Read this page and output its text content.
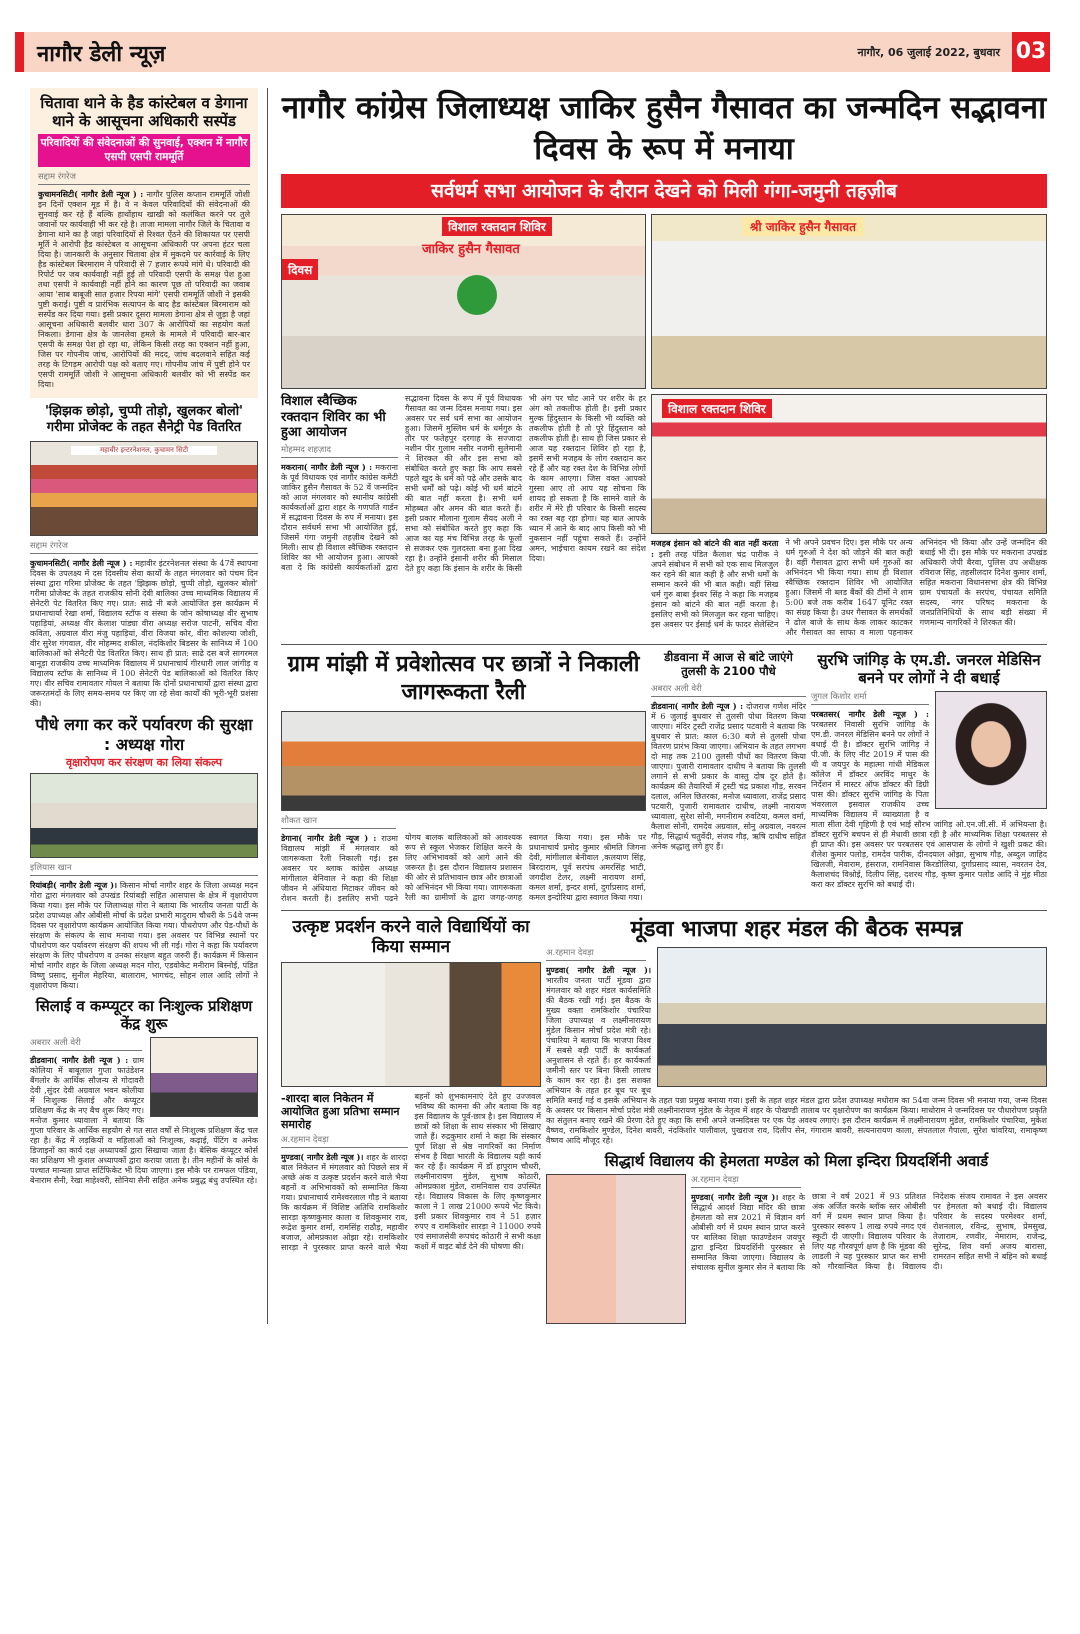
नागौर डेली न्यूज़	नागौर, 06 जुलाई 2022, बुधवार 03
चितावा थाने के हैड कांस्टेबल व डेगाना थाने के आसूचना अधिकारी सस्पेंड
परिवादियों की संवेदनाओं की सुनवाई, एक्शन में नागौर एसपी एसपी राममूर्ति
सद्दाम रंगरेज
कुचामनसिटी( नागौर डेली न्यूज ) : नागौर पुलिस कप्तान राममूर्ति जोशी इन दिनों एक्शन मूड में है। वे न केवल परिवादियों की संवेदनाओं की सुनवाई कर रहे हैं बल्कि हाथोंहाथ खाखी को कलंकित करने पर तुले जवानों पर कार्यवाही भी कर रहे है। ताजा मामला नागौर जिले के चितावा व डेगाना थाने का है जहां परिवादियों से रिश्वत ऐंठने की शिकायत पर एसपी मूर्ति ने आरोपी हैड कांस्टेबल व आसूचना अधिकारी पर अपना हंटर चला दिया है। जानकारी के अनुसार चितावा क्षेत्र में मुकदमे पर कार्रवाई के लिए हैड कांस्टेबल बिरमाराम ने परिवादी से 7 हजार रूपये मांगे थे। परिवादी की रिपोर्ट पर जब कार्यवाही नहीं हुई तो परिवादी एसपी के समक्ष पेश हुआ तथा एसपी ने कार्यवाही नहीं होने का कारण पूछ तो परिवादी का जवाब आया 'साब बाबूजी सात हजार रिपया मांगे' एसपी राममूर्ति जोशी ने इसकी पुष्टी कराई। पुष्टी व प्रारंभिक सत्यापन के बाद हैड कांस्टेबल बिरमाराम को सस्पेंड कर दिया गया। इसी प्रकार दूसरा मामला डेगाना क्षेत्र से जुड़ा है जहां आसूचना अधिकारी बलवीर धारा 307 के आरोपियों का सहयोग कर्ता निकला। डेगाना क्षेत्र के जानलेवा हमले के मामले में परिवादी बार-बार एसपी के समक्ष पेश हो रहा था, लेकिन किसी तरह का एक्शन नहीं हुआ, जिस पर गोपनीय जांच, आरोपियों की मदद, जांच बदलवाने सहित कई तरह के टिगड़म आरोपी पक्ष को बताए गए। गोपनीय जांच में पुष्टी होने पर एसपी राममूर्ति जोशी ने आसूचना अधिकारी बलवीर को भी सस्पेंड कर दिया।
'झिझक छोड़ो, चुप्पी तोड़ो, खुलकर बोलो' गरीमा प्रोजेक्ट के तहत सैनेट्री पेड वितरित
महावीर इन्टरनेशनल, कुचामन सिटी
सद्दाम रंगरेज
कुचामनसिटी( नागौर डेली न्यूज ) : महावीर इंटरनेशनल संस्था के 47वें स्थापना दिवस के उपलक्ष्य में दस दिवसीय सेवा कार्यों के तहत मंगलवार को पंचम दिन संस्था द्वारा गरिमा प्रोजेक्ट के तहत 'झिझक छोड़ो, चुप्पी तोड़ो, खुलकर बोलो' गरीमा प्रोजेक्ट के तहत राजकीय सोनी देवी बालिका उच्च माध्यमिक विद्यालय में सेनेटरी पेट वितरित किए गए। प्रात: साढे नी बजे आयोजित इस कार्यक्रम में प्रधानाचार्या रेखा शर्मा, विद्यालय स्टॉफ व संस्था के जोन कोषाध्यक्ष वीर सुभाष पहाड़ियां, अध्यक्ष वीर केलाश पांड्या वीरा अध्यक्ष सरोज पाटनी, सचिव वीरा कविता, अग्रवाल वीरा मंजु पहाड़ियां, वीरा विजया कोर, वीरा कोशल्या जोशी, वीर सुरेश गंगवाल, वीर मोहम्मद शकील, नंदकिशोर बिडसर के सानिध्य में 100 बालिकाओं को सेनैटरी पेड वितरित किए। साथ ही प्रात: साढे दस बजे सागरमल बानूड़ा राजकीय उच्च माध्यमिक विद्यालय में प्रधानाचार्य गीरधारी लाल जांगीड़ व विद्यालय स्टॉफ के सानिध्य में 100 सेनेटरी पेड बालिकाओं को वितरित किए गए। वीर सचिव रामावतार गोयल ने बताया कि दोनों प्रधानाचार्यो द्वारा संस्था द्वारा जरूरतमंदों के लिए समय-समय पर किए जा रहे सेवा कार्यों की भूरी-भूरी प्रशंसा की।
पौधे लगा कर करें पर्यावरण की सुरक्षा : अध्यक्ष गोरा
वृक्षारोपण कर संरक्षण का लिया संकल्प
इलियास खान
रियांबड़ी( नागौर डेली न्यूज )। किसान मोर्चा नागौर शहर के जिला अध्यक्ष मदन गोरा द्वारा मंगलवार को उपखंड रियांबड़ी सहित आसपास के क्षेत्र में वृक्षारोपण किया गया। इस मौके पर जिलाध्यक्ष गोरा ने बताया कि भारतीय जनता पार्टी के प्रदेश उपाध्यक्ष और ओबीसी मोर्चा के प्रदेश प्रभारी मादुराम चौधरी के 54वे जन्म दिवस पर वृक्षारोपण कार्यक्रम आयोजित किया गया। पौधरोपण और पेड-पौधों के संरक्षण के संकल्प के साथ मनाया गया। इस अवसर पर विभिन्न स्थानों पर पौधरोपण कर पर्यावरण संरक्षण की शपथ भी ली गई। गोरा ने कहा कि पर्यावरण संरक्षण के लिए पौधरोपण व उनका संरक्षण बहुत जरुरी हैं। कार्यक्रम में किसान मोर्चा नागौर शहर के जिला अध्यक्ष मदन गोरा, एडवोकेट मनीराम बिस्नोई, पंडित विष्णु प्रसाद, सुनील मेहरिया, बालाराम, भागचंद, सोहन लाल आदि लोगों ने वृक्षारोपण किया।
सिलाई व कम्प्यूटर का निःशुल्क प्रशिक्षण केंद्र शुरू
अबरार अली वेरी
डीडवाना( नागौर डेली न्यूज ) : ग्राम कोलिया में बाबूलाल गुप्ता फाउंडेशन बैंगलोर के आर्थिक सौजन्य से गोदावरी देवी ,सुंदर देवी अग्रवाल भवन कोलीया में निःशुल्क सिलाई और कंप्यूटर प्रशिक्षण केंद्र के नए बैच शुरू किए गए। मनोज कुमार ध्यावाला ने बताया कि गुप्ता परिवार के आर्थिक सहयोग से गत सात वर्षों से निःशुल्क प्रशिक्षण केंद्र चल रहा है। केंद्र में लड़कियों व महिलाओं को निःशुल्क, कढ़ाई, पेंटिंग व अनेक डिजाइनों का कार्य दक्ष अध्यापकों द्वारा सिखाया जाता है। बेसिक कंप्यूटर कोर्स का प्रशिक्षण भी कुशल अध्यापकों द्वारा कराया जाता है। तीन महीनों के कोर्स के पश्चात मान्यता प्राप्त सर्टिफिकेट भी दिया जाएगा। इस मौके पर रामफल पंडिया, बेनाराम सैनी, रेखा माहेश्वरी, सोनिया सैनी सहित अनेक प्रबुद्ध बंधु उपस्थित रहे।
नागौर कांग्रेस जिलाध्यक्ष जाकिर हुसैन गैसावत का जन्मदिन सद्भावना दिवस के रूप में मनाया
सर्वधर्म सभा आयोजन के दौरान देखने को मिली गंगा-जमुनी तहज़ीब
विशाल रक्तदान शिविर
जाकिर हुसैन गैसावत
दिवस
श्री जाकिर हुसैन गैसावत
विशाल स्वैच्छिक रक्तदान शिविर का भी हुआ आयोजन
मोहम्मद शहज़ाद
मकराना( नागौर डेली न्यूज ) : मकराना के पूर्व विधायक एवं नागौर कांग्रेस कमेटी जाकिर हुसैन गैसावत के 52 वें जन्मदिन को आज मंगलवार को स्थानीय कांग्रेसी कार्यकर्ताओं द्वारा शहर के गणपति गार्डन में सद्भावना दिवस के रुप में मनाया। इस दौरान सर्वधर्म सभा भी आयोजित हुई, जिसमें गंगा जमुनी तहज़ीब देखने को मिली। साथ ही विशाल स्वैच्छिक रक्तदान शिविर का भी आयोजन हुआ। आपको बता दे कि कांग्रेसी कार्यकर्ताओं द्वारा सद्भावना दिवस के रूप में पूर्व विधायक गैसावत का जन्म दिवस मनाया गया। इस अवसर पर सर्व धर्म सभा का आयोजन हुआ। जिसमें मुस्लिम धर्म के धर्मगुरु के तौर पर फतेहपुर दरगाह के सज्जादा नशीन पीर गुलाम नसीर नजमी सुलेमानी ने शिरकत की और इस सभा को संबोधित करते हुए कहा कि आप सबसे पहले खुद के धर्म को पढ़े और उसके बाद सभी धर्मों को पढ़े। कोई भी धर्म बांटने की बात नहीं करता है। सभी धर्म मोहब्बत और अमन की बात करते हैं। इसी प्रकार मौलाना गुलाम सैयद अली ने सभा को संबोधित करते हुए कहा कि आज का यह मंच विभिन्न तरह के फूलों से सजकर एक गुलदस्ता बना हुआ दिख रहा है। उन्होंने इंसानी शरीर की मिसाल देते हुए कहा कि इंसान के शरीर के किसी भी अंग पर चोट आने पर शरीर के हर अंग को तकलीफ होती है। इसी प्रकार मुल्क हिंदुस्तान के किसी भी व्यक्ति को तकलीफ होती है तो पूरे हिंदुस्तान को तकलीफ होती है। साथ ही जिस प्रकार से आज यह रक्तदान शिविर हो रहा है, इसमें सभी मजहब के लोग रक्तदान कर रहे हैं और यह रक्त देश के विभिन्न लोगों के काम आएगा। जिस वक्त आपको गुस्सा आए तो आप यह सोचना कि शायद हो सकता है कि सामने वाले के शरीर में मेरे ही परिवार के किसी सदस्य का रक्त बह रहा होगा। यह बात आपके ध्यान में आने के बाद आप किसी को भी नुकसान नहीं पहुंचा सकते हैं। उन्होंने अमन, भाईचारा कायम रखने का संदेश दिया।
विशाल रक्तदान शिविर
मजहब इंसान को बांटने की बात नहीं करता : इसी तरह पंडित कैलाश चंद्र पारीक ने अपने संबोधन में सभी को एक साथ मिलजुल कर रहने की बात कही है और सभी धर्मों के सम्मान करने की भी बात कही। वहीं सिख धर्म गुरु बाबा ईश्वर सिंह ने कहा कि मजहब इंसान को बांटने की बात नहीं करता है। इसलिए सभी को मिलजुल कर रहना चाहिए। इस अवसर पर ईसाई धर्म के फादर सेलेस्टिन ने भी अपने प्रवचन दिए। इस मौके पर अन्य धर्म गुरुओं ने देश को जोड़ने की बात कही है। वहीं गैसावत द्वारा सभी धर्म गुरुओं का अभिनंदन भी किया गया। साथ ही विशाल स्वैच्छिक रक्तदान शिविर भी आयोजित हुआ। जिसमें नी ब्लड बैंकों की टीमों ने शाम 5:00 बजे तक करीब 1647 यूनिट रक्त का संग्रह किया है। उधर गैसावत के समर्थकों ने ढोल बाजे के साथ केक लाकर काटकर और गैसावत का साफा व माला पहनाकर अभिनंदन भी किया और उन्हें जन्मदिन की बधाई भी दी। इस मौके पर मकराना उपखंड अधिकारी जेपी बैरवा, पुलिस उप अधीक्षक रविराज सिंह, तहसीलदार दिनेश कुमार शर्मा, सहित मकराना विधानसभा क्षेत्र की विभिन्न ग्राम पंचायतों के सरपंच, पंचायत समिति सदस्य, नगर परिषद मकराना के जनप्रतिनिधियों के साथ बड़ी संख्या में गणमान्य नागरिकों ने शिरकत की।
ग्राम मांझी में प्रवेशोत्सव पर छात्रों ने निकाली जागरूकता रैली
शौकत खान
डेगाना( नागौर डेली न्यूज ) : राउमा विद्यालय मांझी में मंगलवार को जागरूकता रैली निकाली गई। इस अवसर पर ब्लाक कांग्रेस अध्यक्ष मांगीलाल बेनिवाल ने कहा की शिक्षा जीवन मे अंधियारा मिटाकर जीवन को रोशन करती है। इसलिए सभी पढने योगय बालक बालिकाओं को आवश्यक रूप से स्कूल भेजकर शिक्षित करने के लिए अभिभावकों को आगे आने की जरूरत है। इस दौरान विद्यालय प्रशासन की ओर से प्रतिभावान छात्र और छात्राओं को अभिनंदन भी किया गया। जागरूकता रैली का ग्रामीणों के द्वारा जगह-जगह स्वागत किया गया। इस मौके पर प्रधानाचार्य प्रमोद कुमार श्रीमति जिगना देवी, मांगीलाल बेनीवाल ,कलयाण सिंह, बिरदाराम, पूर्व सरपंच अमरसिंह भाटी, जगदीश टेलर, लक्ष्मी नारायण शर्मा, कमल शर्मा, इन्दर शर्मा, दुर्गाप्रसाद शर्मा, कमल इन्दोरिया द्वारा स्वागत किया गया।
डीडवाना में आज से बांटे जाएंगे तुलसी के 2100 पौधे
अबरार अली वेरी
डीडवाना( नागौर डेली न्यूज ) : दोजराज गणेश मंदिर में 6 जुलाई बुधवार से तुलसी पोधा वितरण किया जाएगा। मंदिर ट्रस्टी राजेंद्र प्रसाद पटवारी ने बताया कि बुधवार से प्रात: काल 6:30 बजे से तुलसी पोधा वितरण प्रारंभ किया जाएगा। अभियान के तहत लगभग दो माह तक 2100 तुलसी पौधों का वितरण किया जाएगा। पुजारी रामावतार दाधीच ने बताया कि तुलसी लगाने से सभी प्रकार के वास्तु दोष दूर होते है। कार्यक्रम की तैयारियों में ट्रस्टी चंद्र प्रकाश गौड़, सरवन दलाल, अनिल छितरका, मनोज ध्यावाला, राजेंद्र प्रसाद पटवारी, पुजारी रामावतार दाधीच, लक्ष्मी नारायण ध्यावाला, सुरेश सोनी, मगनीराम रुवटिया, कमल वर्मा, कैलाश सोनी, रामदेव अग्रवाल, सोनु अग्रवाल, नवरत्न गौड़, सिद्धार्थ चतुर्वेदी, संजय गौड़, ऋषि दाधीच सहित अनेक श्रद्धालु लगे हुए हैं।
सुरभि जांगिड़ के एम.डी. जनरल मेडिसिन बनने पर लोगों ने दी बधाई
जुगल किशोर शर्मा
परबतसर( नागौर डेली न्यूज़ ) : परबतसर निवासी सुरभि जांगिड़ के एम.डी. जनरल मेडिसिन बनने पर लोगों ने बधाई दी है। डॉक्टर सुरभि जांगिड़ ने पी.जी. के लिए नीट 2019 में पास की थी व जयपुर के महात्मा गांधी मेडिकल कॉलेज में डॉक्टर अरविंद माथुर के निर्देशन में मास्टर ऑफ डॉक्टर की डिग्री पास की। डॉक्टर सुरभि जांगिड़ के पिता भंवरलाल इसवाल राजकीय उच्च माध्यमिक विद्यालय में व्याख्याता है व माता सीता देवी गृहिणी है एवं भाई सौरभ जांगिड़ ओ.एन.जी.सी. में अभियन्ता है। डॉक्टर सुरभि बचपन से ही मेधावी छात्रा रही है और माध्यमिक शिक्षा परबतसर से ही प्राप्त की। इस अवसर पर परबतसर एवं आसपास के लोगों ने खुशी प्रकट की। शैलेश कुमार पलोड़, रामदेव पारीक, दीनदयाल ओझा, सुभाष गौड़, अब्दुल जाहिद खिलजी, मेवाराम, हंसराज, रामनिवास किरडोलिया, दुर्गाप्रसाद व्यास, नवरतन देव, कैलाशचंद विश्नोई, दिलीप सिंह, दशरथ गौड़, कृष्ण कुमार पलोड आदि ने मुंह मीठा करा कर डॉक्टर सुरभि को बधाई दी।
उत्कृष्ट प्रदर्शन करने वाले विद्यार्थियों का किया सम्मान
-शारदा बाल निकेतन में आयोजित हुआ प्रतिभा सम्मान समारोह
अ.रहमान देवड़ा
मुण्डवा( नागौर डेली न्यूज )। शहर के शारदा बाल निकेतन में मंगलवार को पिछले सत्र में अच्छे अंक व उत्कृष्ट प्रदर्शन करने वाले भैया बहनों व अभिभावकों को सम्मानित किया गया। प्रधानाचार्य रामेश्वरलाल गौड़ ने बताया कि कार्यक्रम में विशिष्ट अतिथि रामकिशोर सारड़ा कृष्णकुमार काला व शिवकुमार राव, रूद्रेश कुमार शर्मा, रामसिंह राठौड़, महावीर बजाज, ओमप्रकाश ओझा रहे। रामकिशोर सारड़ा ने पुरस्कार प्राप्त करने वाले भैया बहनों को शुभकामनाएं देते हुए उज्जवल भविष्य की कामना की और बताया कि वह इस विद्यालय के पूर्व-छात्र है। इस विद्यालय में छात्रों को शिक्षा के साथ संस्कार भी सिखाए जाते हैं। रुद्रकुमार शर्मा ने कहा कि संस्कार पूर्ण शिक्षा से श्रेष्ठ नागरिकों का निर्माण संभव है विद्या भारती के विद्यालय यही कार्य कर रहे हैं। कार्यक्रम में डॉ हापुराम चौधरी, लक्ष्मीनारायण मुंडेल, सुभाष कोठारी, ओमप्रकाश मुंडेल, रामनिवास राव उपस्थित रहे। विद्यालय विकास के लिए कृष्णकुमार काला ने 1 लाख 21000 रूपये भेंट किये। इसी प्रकार शिवकुमार राव ने 51 हज़ार रुपए व रामकिशोर सारड़ा ने 11000 रुपये एवं समाजसेवी रूपचंद कोठारी ने सभी कक्षा कक्षों में वाइट बोर्ड देने की घोषणा की।
मूंडवा भाजपा शहर मंडल की बैठक सम्पन्न
अ.रहमान देवड़ा
मुण्डवा( नागौर डेली न्यूज )। भारतीय जनता पार्टी मूंडवा द्वारा मंगलवार को शहर मंडल कार्यसमिति की बैठक रखी गई। इस बैठक के मुख्य वक्ता रामकिशोर पंचारिया जिला उपाध्यक्ष व लक्ष्मीनारायण मुंडेल किसान मोर्चा प्रदेश मंत्री रहे। पंचारिया ने बताया कि भाजपा विश्व में सबसे बड़ी पार्टी के कार्यकर्ता अनुशासन से रहते हैं। हर कार्यकर्ता जमीनी स्तर पर बिना किसी लालच के काम कर रहा है। इस सशक्त अभियान के तहत हर बूथ पर बूथ समिति बनाई गई व इसके अभियान के तहत पन्ना प्रमुख बनाया गया। इसी के तहत शहर मंडल द्वारा प्रदेश उपाध्यक्ष मधोराम का 54वा जन्म दिवस भी मनाया गया, जन्म दिवस के अवसर पर किसान मोर्चा प्रदेश मंत्री लक्ष्मीनारायण मुंडेल के नेतृत्व में शहर के पोखण्डी तालाब पर वृक्षारोपण का कार्यक्रम किया। माधोराम ने जन्मदिवस पर पौधारोपण प्रकृति का संतुलन बनाए रखने की प्रेरणा देते हुए कहा कि सभी अपने जन्मदिवस पर एक पेड़ अवश्य लगाएं। इस दौरान कार्यक्रम में लक्ष्मीनारायण मुंडेल, रामकिशोर पंचारिया, मुकेश वैष्णव, रामकिशोर मुण्डेल, दिनेश बावरी, नंदकिशोर पालीवाल, पुखराज राव, दिलीप सेन, गंगाराम बावरी, सत्यनारायण काला, संपतलाल गैपाला, सुरेश चांवरिया, रामाकृष्ण वैष्णव आदि मौजूद रहे।
सिद्धार्थ विद्यालय की हेमलता मण्डेल को मिला इन्दिरा प्रियदर्शिनी अवार्ड
अ.रहमान देवड़ा
मुण्डवा( नागौर डेली न्यूज )। शहर के सिद्धार्थ आदर्श विद्या मंदिर की छात्रा हेमलता को सत्र 2021 में विज्ञान वर्ग ओबीसी वर्ग में प्रथम स्थान प्राप्त करने पर बालिका शिक्षा फाउण्डेशन जयपुर द्वारा इन्दिरा प्रियदर्शिनी पुरस्कार से सम्मानित किया जाएगा। विद्यालय के संचालक सुनील कुमार सेन ने बताया कि छात्रा ने वर्ष 2021 में 93 प्रतिशत अंक अर्जित करके ब्लॉक स्तर ओबीसी वर्ग में प्रथम स्थान प्राप्त किया है। पुरस्कार स्वरूप 1 लाख रुपये नगद एवं स्कूटी दी जाएगी। विद्यालय परिवार के लिए यह गौरवपूर्ण क्षण है कि मूंडवा की लाडली ने यह पुरस्कार प्राप्त कर सभी को गौरवान्वित किया है। विद्यालय निदेशक संजय रामावत ने इस अवसर पर हेमलता को बधाई दी। विद्यालय परिवार के सदस्य परमेश्वर शर्मा, रोशनलाल, रविन्द्र, सुभाष, प्रेमसुख, तेजाराम, रणवीर, नेमाराम, राजेन्द्र, सुरेन्द्र, शिव वर्मा अजय बारासा, रामरतन सहित सभी ने बहिन को बधाई दी।
